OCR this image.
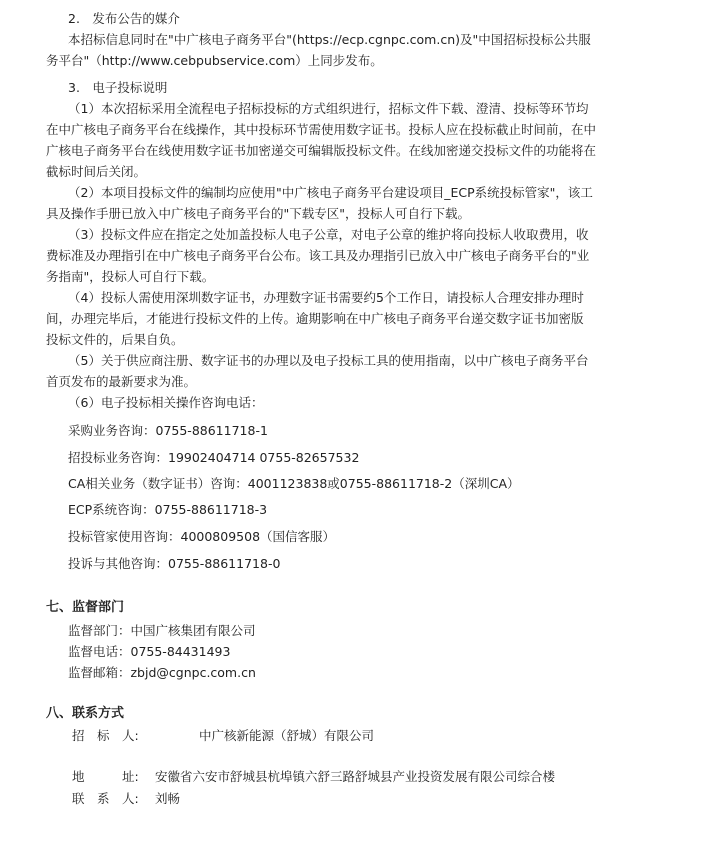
2.　发布公告的媒介
本招标信息同时在"中广核电子商务平台"(https://ecp.cgnpc.com.cn)及"中国招标投标公共服
务平台"（http://www.cebpubservice.com）上同步发布。
3.　电子投标说明
（1）本次招标采用全流程电子招标投标的方式组织进行，招标文件下载、澄清、投标等环节均
在中广核电子商务平台在线操作，其中投标环节需使用数字证书。投标人应在投标截止时间前，在中
广核电子商务平台在线使用数字证书加密递交可编辑版投标文件。在线加密递交投标文件的功能将在
截标时间后关闭。
（2）本项目投标文件的编制均应使用"中广核电子商务平台建设项目_ECP系统投标管家"，该工
具及操作手册已放入中广核电子商务平台的"下载专区"，投标人可自行下载。
（3）投标文件应在指定之处加盖投标人电子公章，对电子公章的维护将向投标人收取费用，收
费标准及办理指引在中广核电子商务平台公布。该工具及办理指引已放入中广核电子商务平台的"业
务指南"，投标人可自行下载。
（4）投标人需使用深圳数字证书，办理数字证书需要约5个工作日，请投标人合理安排办理时
间，办理完毕后，才能进行投标文件的上传。逾期影响在中广核电子商务平台递交数字证书加密版
投标文件的，后果自负。
（5）关于供应商注册、数字证书的办理以及电子投标工具的使用指南，以中广核电子商务平台
首页发布的最新要求为准。
（6）电子投标相关操作咨询电话：
采购业务咨询：0755-88611718-1
招投标业务咨询：19902404714 0755-82657532
CA相关业务（数字证书）咨询：4001123838或0755-88611718-2（深圳CA）
ECP系统咨询：0755-88611718-3
投标管家使用咨询：4000809508（国信客服）
投诉与其他咨询：0755-88611718-0
七、监督部门
监督部门：中国广核集团有限公司
监督电话：0755-84431493
监督邮箱：zbjd@cgnpc.com.cn
八、联系方式
招　标　人:	中广核新能源（舒城）有限公司
地　　　址: 安徽省六安市舒城县杭埠镇六舒三路舒城县产业投资发展有限公司综合楼
联　系　人: 刘畅
